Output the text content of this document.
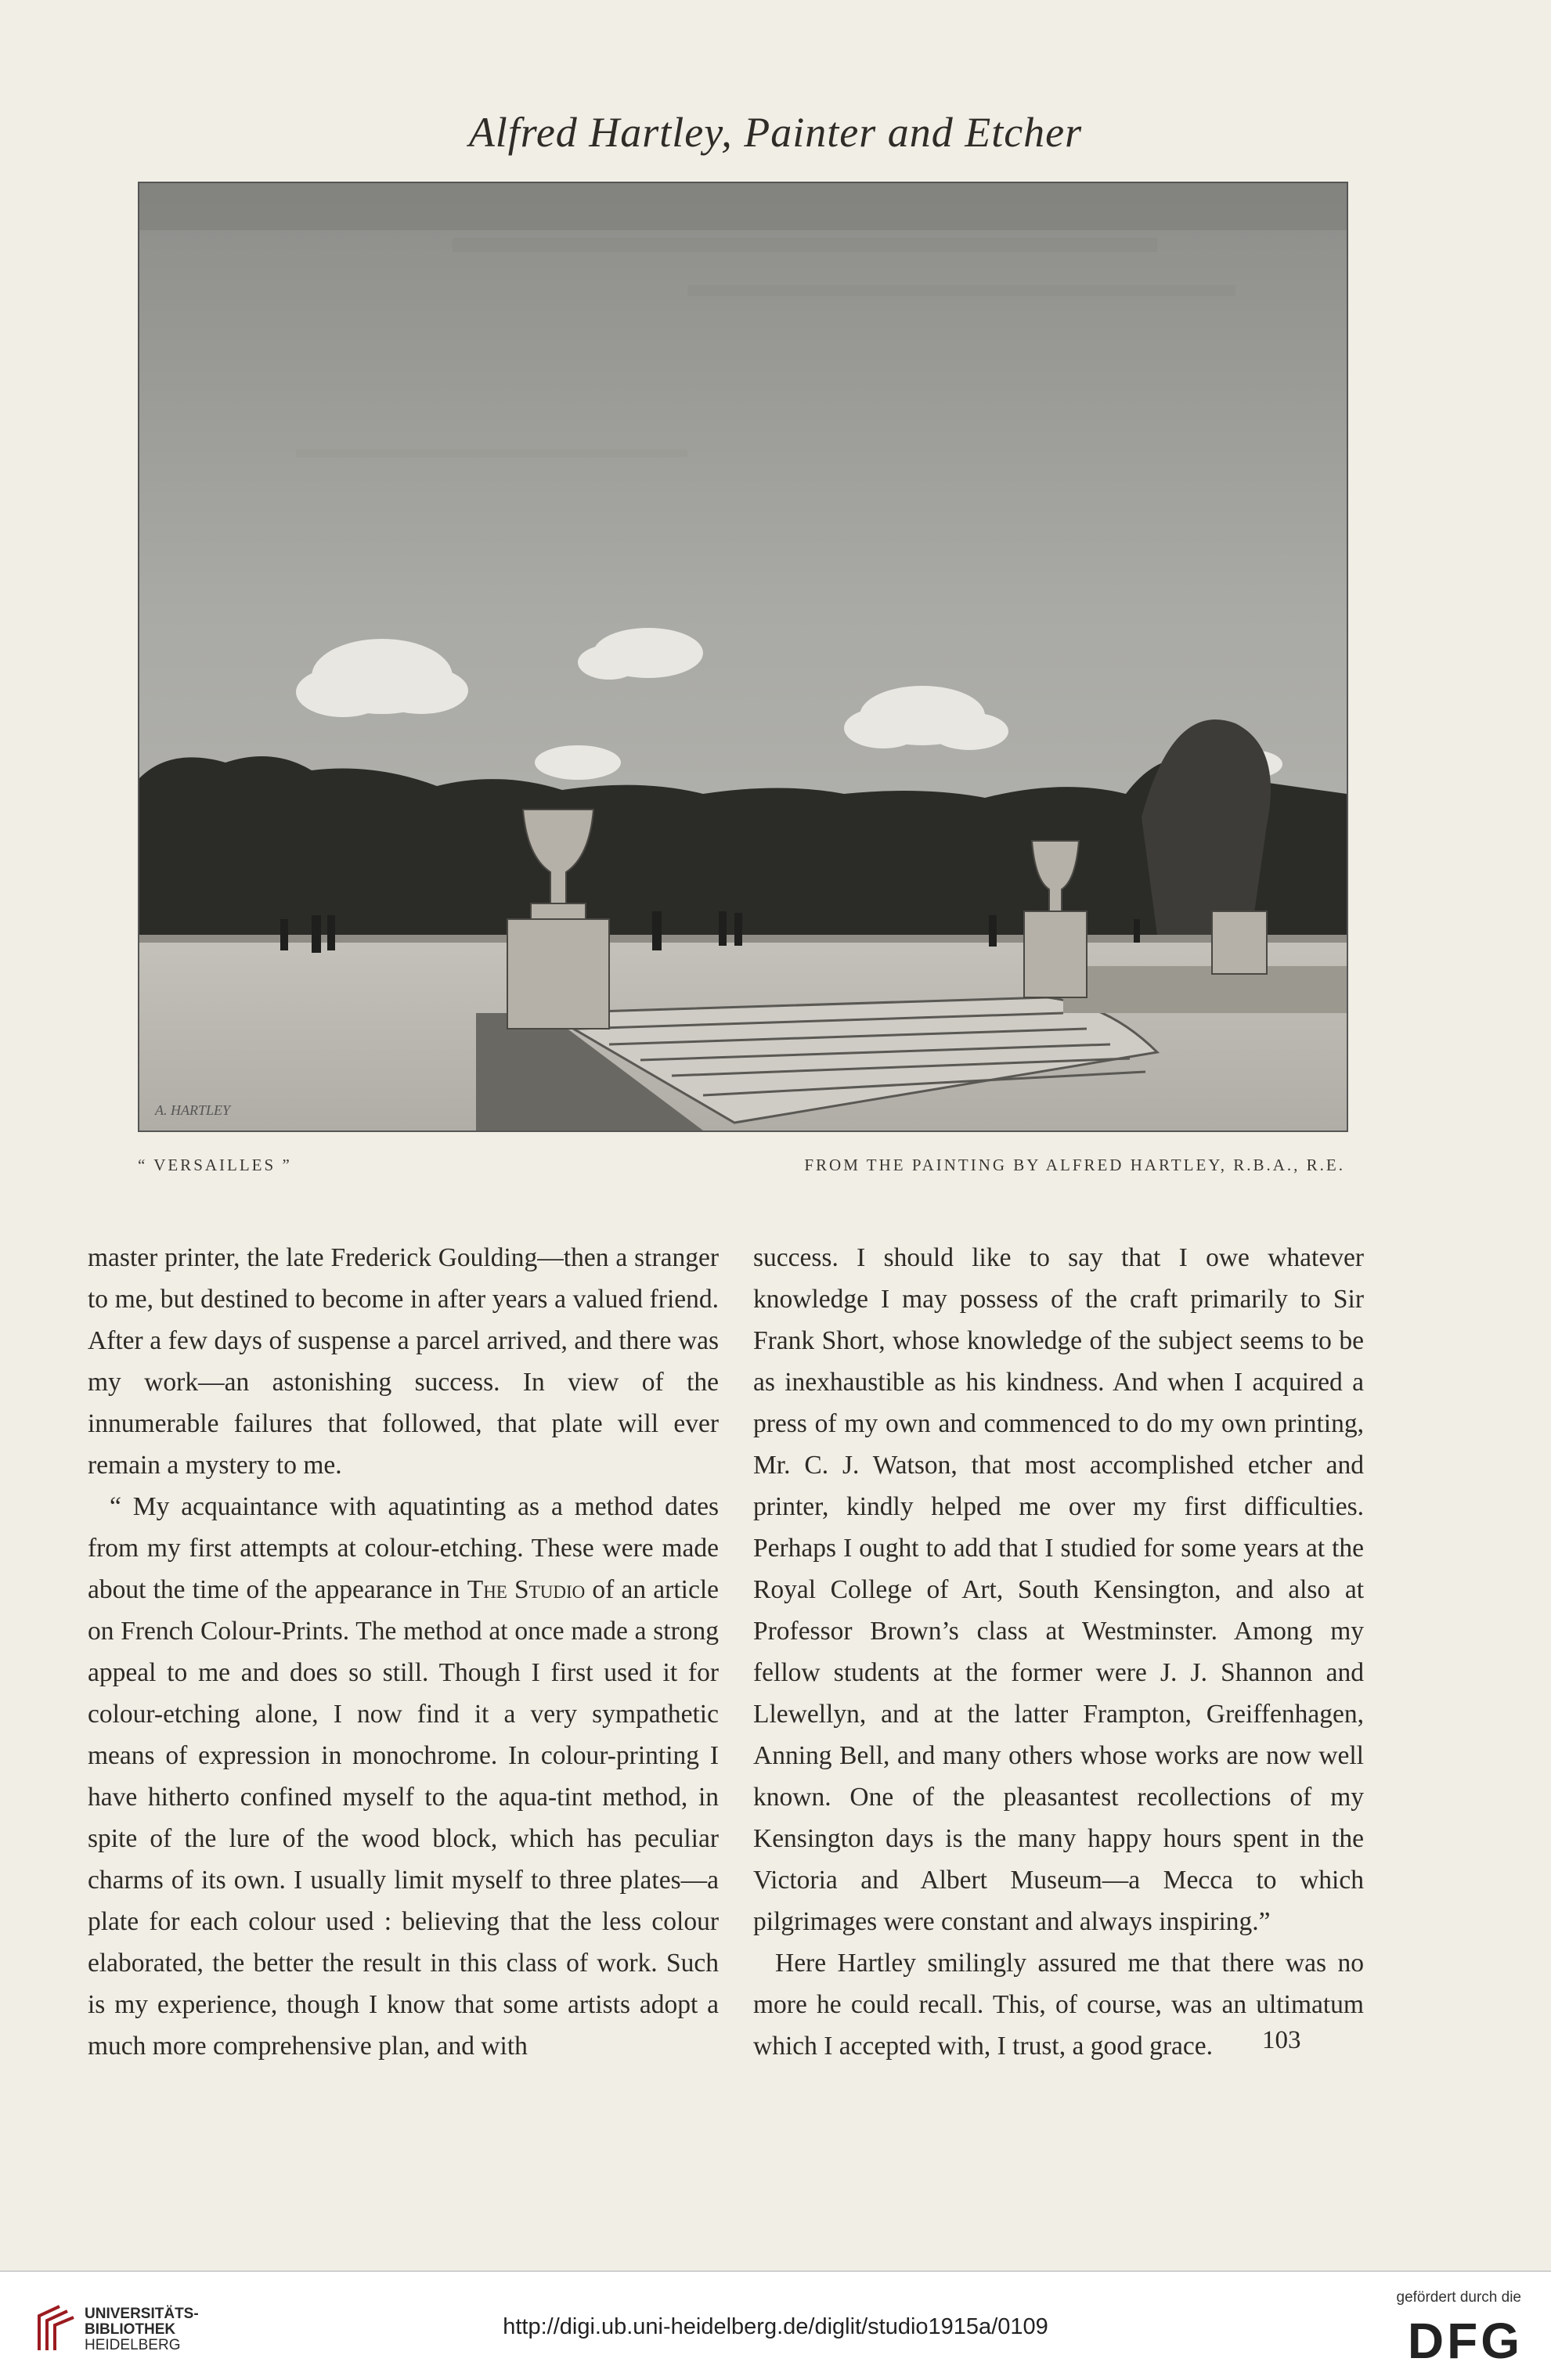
Alfred Hartley, Painter and Etcher
A. HARTLEY
“ VERSAILLES ”	FROM THE PAINTING BY ALFRED HARTLEY, R.B.A., R.E.

master printer, the late Frederick Goulding—then a stranger to me, but destined to become in after years a valued friend. After a few days of suspense a parcel arrived, and there was my work—an astonishing success. In view of the innumerable failures that followed, that plate will ever remain a mystery to me.

“ My acquaintance with aquatinting as a method dates from my first attempts at colour-etching. These were made about the time of the appearance in The Studio of an article on French Colour-Prints. The method at once made a strong appeal to me and does so still. Though I first used it for colour-etching alone, I now find it a very sympathetic means of expression in monochrome. In colour-printing I have hitherto confined myself to the aqua-tint method, in spite of the lure of the wood block, which has peculiar charms of its own. I usually limit myself to three plates—a plate for each colour used : believing that the less colour elaborated, the better the result in this class of work. Such is my experience, though I know that some artists adopt a much more comprehensive plan, and with

success. I should like to say that I owe whatever knowledge I may possess of the craft primarily to Sir Frank Short, whose knowledge of the subject seems to be as inexhaustible as his kindness. And when I acquired a press of my own and commenced to do my own printing, Mr. C. J. Watson, that most accomplished etcher and printer, kindly helped me over my first difficulties. Perhaps I ought to add that I studied for some years at the Royal College of Art, South Kensington, and also at Professor Brown’s class at Westminster. Among my fellow students at the former were J. J. Shannon and Llewellyn, and at the latter Frampton, Greiffenhagen, Anning Bell, and many others whose works are now well known. One of the pleasantest recollections of my Kensington days is the many happy hours spent in the Victoria and Albert Museum—a Mecca to which pilgrimages were constant and always inspiring.”

Here Hartley smilingly assured me that there was no more he could recall. This, of course, was an ultimatum which I accepted with, I trust, a good grace.	103
UNIVERSITÄTS-
BIBLIOTHEK
HEIDELBERG
http://digi.ub.uni-heidelberg.de/diglit/studio1915a/0109
gefördert durch die
DFG
